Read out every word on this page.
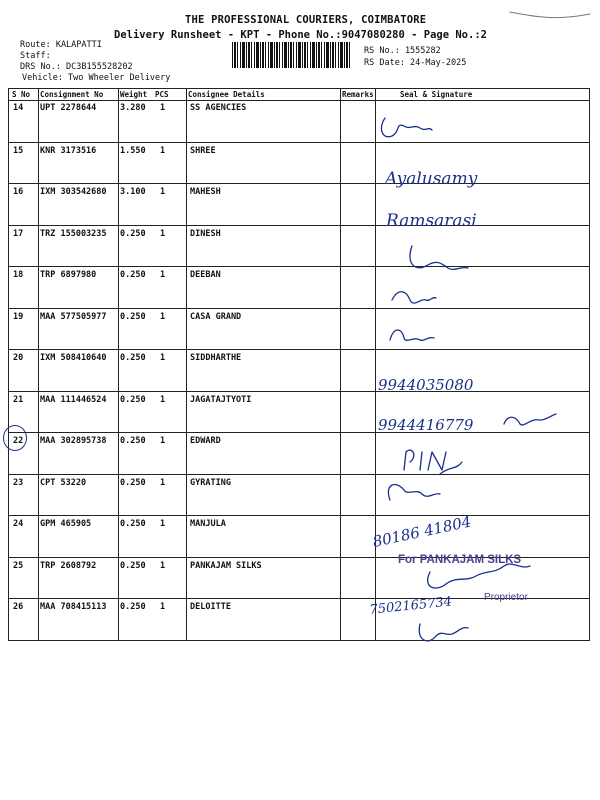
THE PROFESSIONAL COURIERS, COIMBATORE
Delivery Runsheet - KPT - Phone No.:9047080280 - Page No.:2
Route: KALAPATTI
Staff:
DRS No.: DC3B155528202
Vehicle: Two Wheeler Delivery
RS No.: 1555282
RS Date: 24-May-2025
S No Consignment No Weight PCS	Consignee Details	Remarks	Seal & Signature
14 UPT 2278644	3.280 1	SS AGENCIES
15 KNR 3173516	1.550 1	SHREE
16 IXM 303542680 3.100 1	MAHESH
17 TRZ 155003235 0.250 1	DINESH
18 TRP 6897980	0.250 1	DEEBAN
19 MAA 577505977 0.250 1	CASA GRAND
20 IXM 508410640 0.250 1	SIDDHARTHE
21 MAA 111446524 0.250 1	JAGATAJTYOTI
22 MAA 302895738 0.250 1	EDWARD
23 CPT 53220	0.250 1	GYRATING
24 GPM 465905	0.250 1	MANJULA
25 TRP 2608792	0.250 1	PANKAJAM SILKS
26 MAA 708415113 0.250 1	DELOITTE
Ayalusamy
Ramsarasi
9944035080
9944416779
80186 41804
For PANKAJAM SILKS
Proprietor
7502165734
